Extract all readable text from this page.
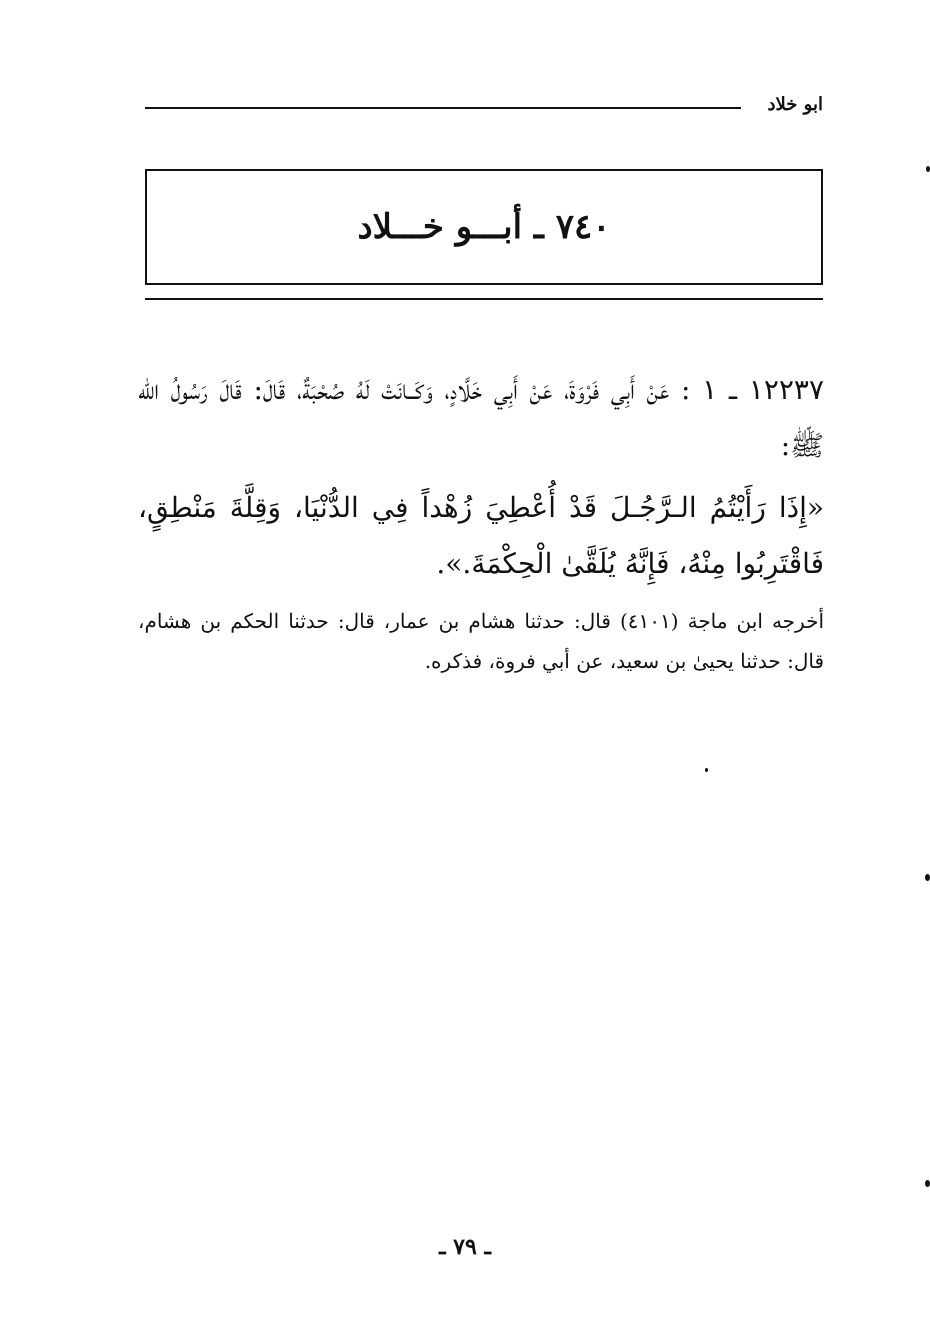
ابو خلاد
٧٤٠ ـ أبـــو خـــلاد

١٢٢٣٧ ـ ١ : عَنْ أَبِي فَرْوَةَ، عَنْ أَبِي خَلَّادٍ، وَكَــانَتْ لَهُ صُحْبَةٌ، قَالَ: قَالَ رَسُولُ الله ﷺ:

«إِذَا رَأَيْتُمُ الـرَّجُـلَ قَدْ أُعْطِيَ زُهْداً فِي الدُّنْيَا، وَقِلَّةَ مَنْطِقٍ، فَاقْتَرِبُوا مِنْهُ، فَإِنَّهُ يُلَقَّىٰ الْحِكْمَةَ.».

أخرجه ابن ماجة (٤١٠١) قال: حدثنا هشام بن عمار، قال: حدثنا الحكم بن هشام، قال: حدثنا يحيىٰ بن سعيد، عن أبي فروة، فذكره.

ـ ٧٩ ـ
